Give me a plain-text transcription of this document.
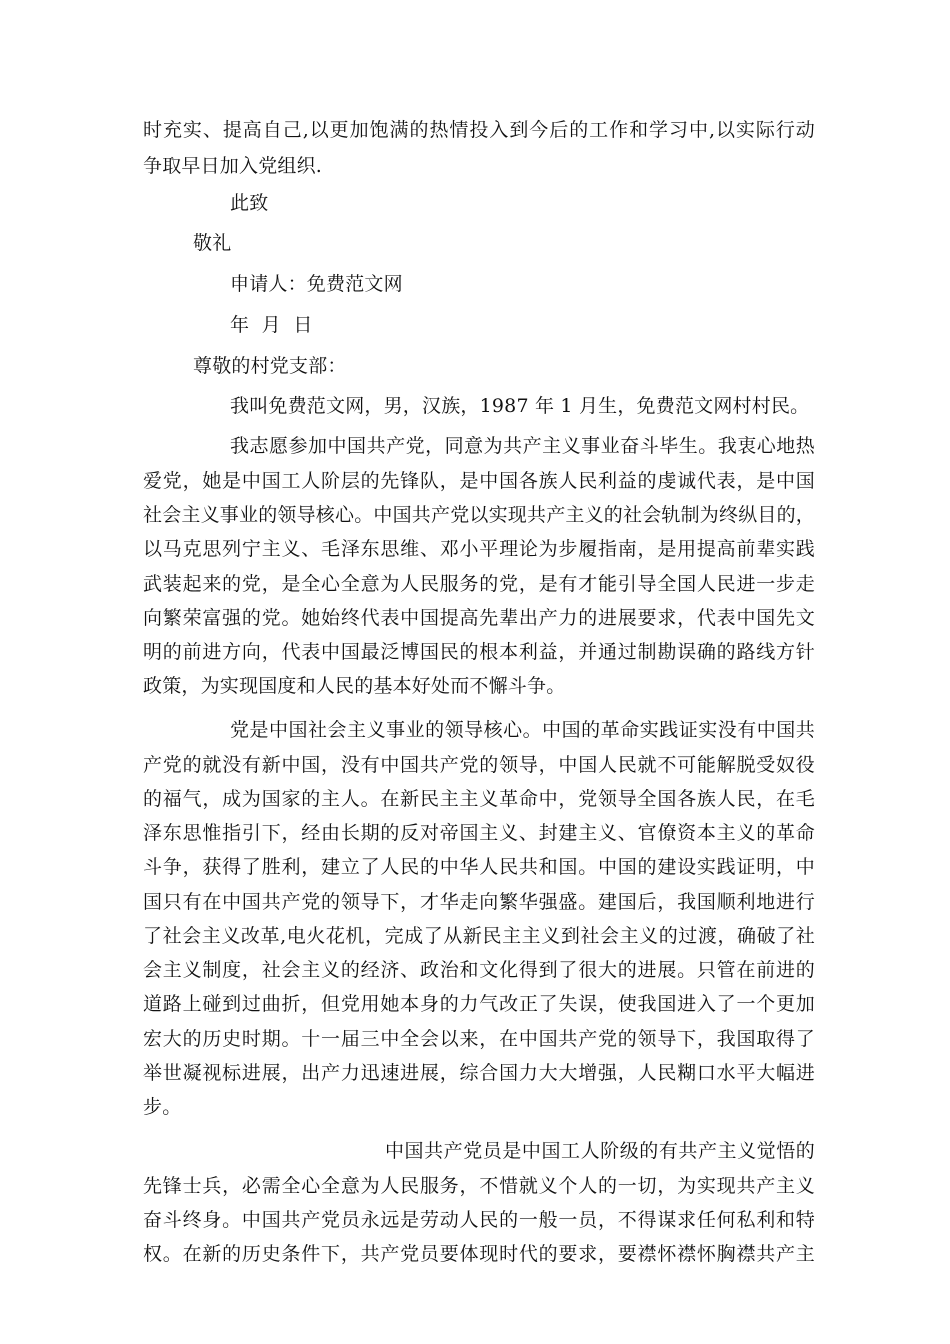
时充实、提高自己,以更加饱满的热情投入到今后的工作和学习中,以实际行动
争取早日加入党组织.
此致
敬礼
申请人：免费范文网
年  月  日
尊敬的村党支部：
我叫免费范文网，男，汉族，1987 年 1 月生，免费范文网村村民。
我志愿参加中国共产党，同意为共产主义事业奋斗毕生。我衷心地热
爱党，她是中国工人阶层的先锋队，是中国各族人民利益的虔诚代表，是中国
社会主义事业的领导核心。中国共产党以实现共产主义的社会轨制为终纵目的，
以马克思列宁主义、毛泽东思维、邓小平理论为步履指南，是用提高前辈实践
武装起来的党，是全心全意为人民服务的党，是有才能引导全国人民进一步走
向繁荣富强的党。她始终代表中国提高先辈出产力的进展要求，代表中国先文
明的前进方向，代表中国最泛博国民的根本利益，并通过制勘误确的路线方针
政策，为实现国度和人民的基本好处而不懈斗争。
党是中国社会主义事业的领导核心。中国的革命实践证实没有中国共
产党的就没有新中国，没有中国共产党的领导，中国人民就不可能解脱受奴役
的福气，成为国家的主人。在新民主主义革命中，党领导全国各族人民，在毛
泽东思惟指引下，经由长期的反对帝国主义、封建主义、官僚资本主义的革命
斗争，获得了胜利，建立了人民的中华人民共和国。中国的建设实践证明，中
国只有在中国共产党的领导下，才华走向繁华强盛。建国后，我国顺利地进行
了社会主义改革,电火花机，完成了从新民主主义到社会主义的过渡，确破了社
会主义制度，社会主义的经济、政治和文化得到了很大的进展。只管在前进的
道路上碰到过曲折，但党用她本身的力气改正了失误，使我国进入了一个更加
宏大的历史时期。十一届三中全会以来，在中国共产党的领导下，我国取得了
举世凝视标进展，出产力迅速进展，综合国力大大增强，人民糊口水平大幅进
步。
中国共产党员是中国工人阶级的有共产主义觉悟的
先锋士兵，必需全心全意为人民服务，不惜就义个人的一切，为实现共产主义
奋斗终身。中国共产党员永远是劳动人民的一般一员，不得谋求任何私利和特
权。在新的历史条件下，共产党员要体现时代的要求，要襟怀襟怀胸襟共产主
